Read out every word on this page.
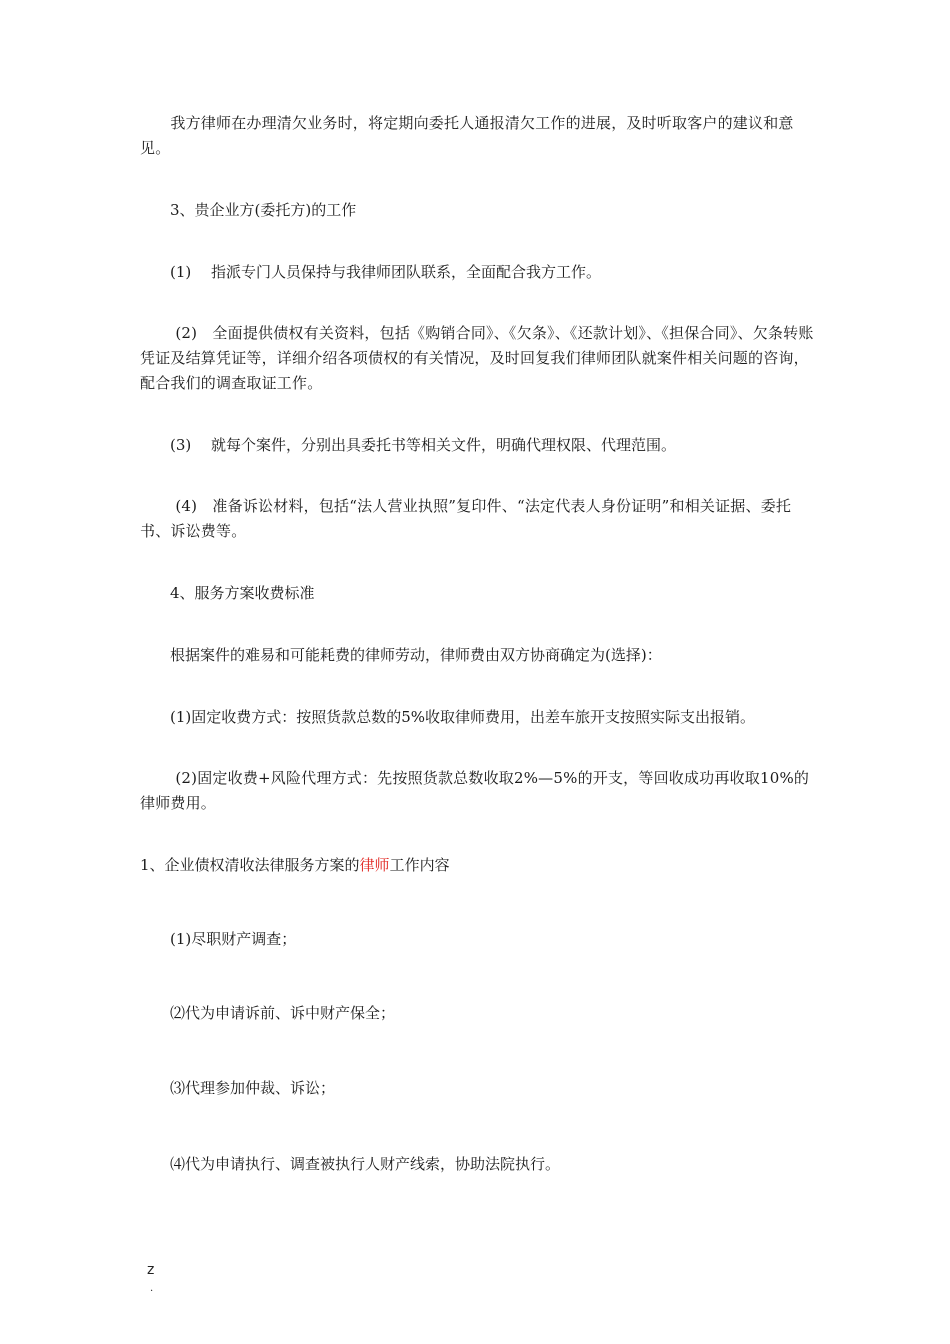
　　我方律师在办理清欠业务时，将定期向委托人通报清欠工作的进展，及时听取客户的建议和意见。

　　3、贵企业方(委托方)的工作

　　(1)　 指派专门人员保持与我律师团队联系，全面配合我方工作。

　　 (2)　全面提供债权有关资料，包括《购销合同》、《欠条》、《还款计划》、《担保合同》、欠条转账凭证及结算凭证等，详细介绍各项债权的有关情况，及时回复我们律师团队就案件相关问题的咨询，配合我们的调查取证工作。

　　(3)　 就每个案件，分别出具委托书等相关文件，明确代理权限、代理范围。

　　 (4)　准备诉讼材料，包括“法人营业执照”复印件、“法定代表人身份证明”和相关证据、委托书、诉讼费等。

　　4、服务方案收费标准

　　根据案件的难易和可能耗费的律师劳动，律师费由双方协商确定为(选择)：

　　(1)固定收费方式：按照货款总数的5%收取律师费用，出差车旅开支按照实际支出报销。

　　 (2)固定收费+风险代理方式：先按照货款总数收取2%—5%的开支，等回收成功再收取10%的律师费用。

1、企业债权清收法律服务方案的律师工作内容

　　(1)尽职财产调查；

　　⑵代为申请诉前、诉中财产保全；

　　⑶代理参加仲裁、诉讼；

　　⑷代为申请执行、调查被执行人财产线索，协助法院执行。

z
.
